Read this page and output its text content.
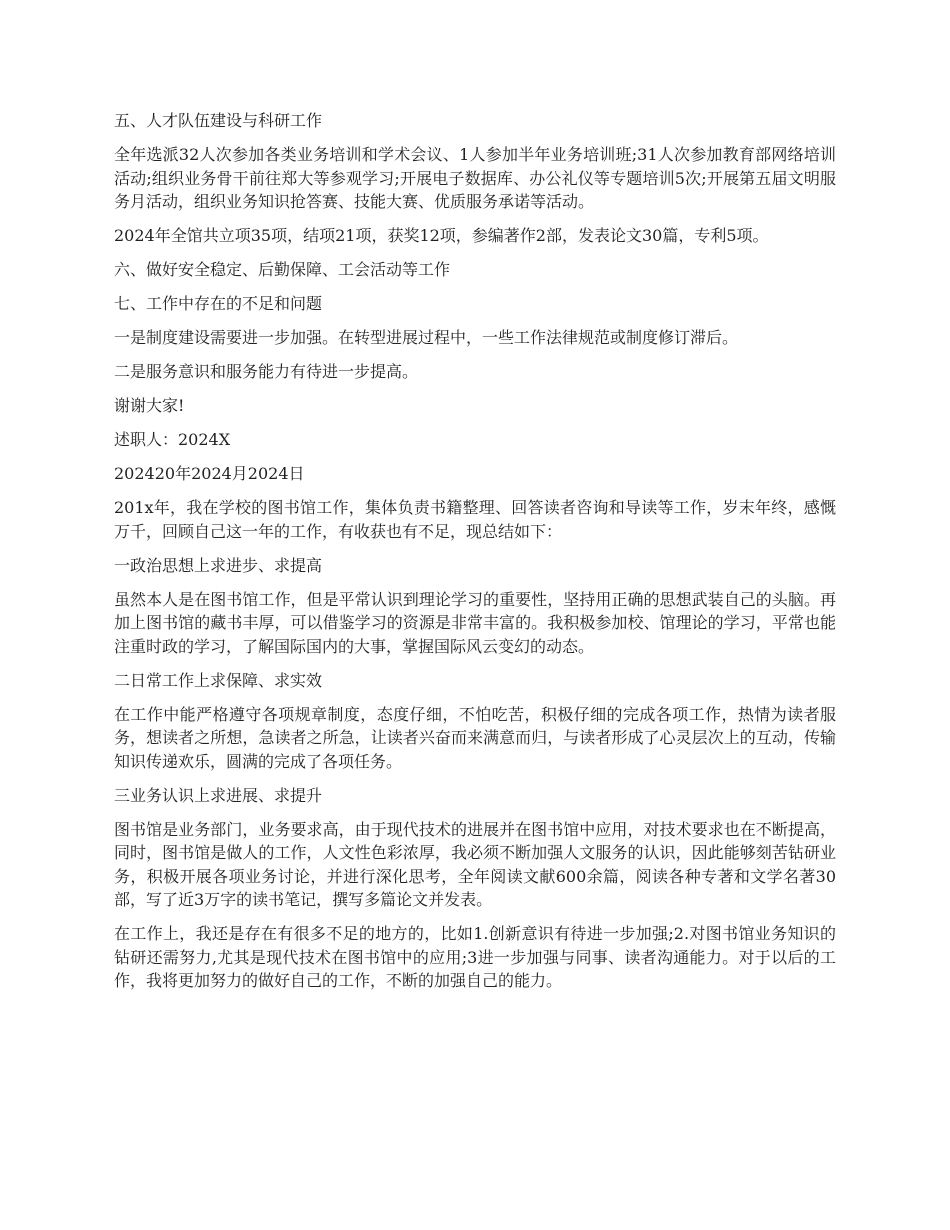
五、人才队伍建设与科研工作

全年选派32人次参加各类业务培训和学术会议、1人参加半年业务培训班;31人次参加教育部网络培训活动;组织业务骨干前往郑大等参观学习;开展电子数据库、办公礼仪等专题培训5次;开展第五届文明服务月活动，组织业务知识抢答赛、技能大赛、优质服务承诺等活动。

2024年全馆共立项35项，结项21项，获奖12项，参编著作2部，发表论文30篇，专利5项。

六、做好安全稳定、后勤保障、工会活动等工作

七、工作中存在的不足和问题

一是制度建设需要进一步加强。在转型进展过程中，一些工作法律规范或制度修订滞后。

二是服务意识和服务能力有待进一步提高。

谢谢大家!

述职人：2024X

202420年2024月2024日

201x年，我在学校的图书馆工作，集体负责书籍整理、回答读者咨询和导读等工作，岁末年终，感慨万千，回顾自己这一年的工作，有收获也有不足，现总结如下：

一政治思想上求进步、求提高

虽然本人是在图书馆工作，但是平常认识到理论学习的重要性，坚持用正确的思想武装自己的头脑。再加上图书馆的藏书丰厚，可以借鉴学习的资源是非常丰富的。我积极参加校、馆理论的学习，平常也能注重时政的学习，了解国际国内的大事，掌握国际风云变幻的动态。

二日常工作上求保障、求实效

在工作中能严格遵守各项规章制度，态度仔细，不怕吃苦，积极仔细的完成各项工作，热情为读者服务，想读者之所想，急读者之所急，让读者兴奋而来满意而归，与读者形成了心灵层次上的互动，传输知识传递欢乐，圆满的完成了各项任务。

三业务认识上求进展、求提升

图书馆是业务部门，业务要求高，由于现代技术的进展并在图书馆中应用，对技术要求也在不断提高，同时，图书馆是做人的工作，人文性色彩浓厚，我必须不断加强人文服务的认识，因此能够刻苦钻研业务，积极开展各项业务讨论，并进行深化思考，全年阅读文献600余篇，阅读各种专著和文学名著30部，写了近3万字的读书笔记，撰写多篇论文并发表。

在工作上，我还是存在有很多不足的地方的，比如1.创新意识有待进一步加强;2.对图书馆业务知识的钻研还需努力,尤其是现代技术在图书馆中的应用;3进一步加强与同事、读者沟通能力。对于以后的工作，我将更加努力的做好自己的工作，不断的加强自己的能力。
